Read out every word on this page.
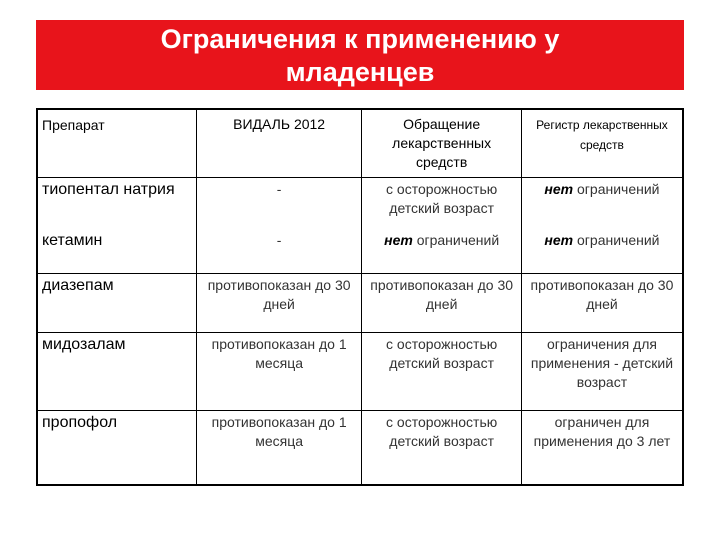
Ограничения к применению у
младенцев
Препарат	ВИДАЛЬ 2012	Обращение лекарственных средств	Регистр лекарственных средств
тиопентал натрия	-	с осторожностью детский возраст	нет ограничений
кетамин	-	нет ограничений	нет ограничений
диазепам	противопоказан до 30 дней	противопоказан до 30 дней	противопоказан до 30 дней
мидозалам	противопоказан до 1 месяца	с осторожностью детский возраст	ограничения для применения - детский возраст
пропофол	противопоказан до 1 месяца	с осторожностью детский возраст	ограничен для применения до 3 лет
